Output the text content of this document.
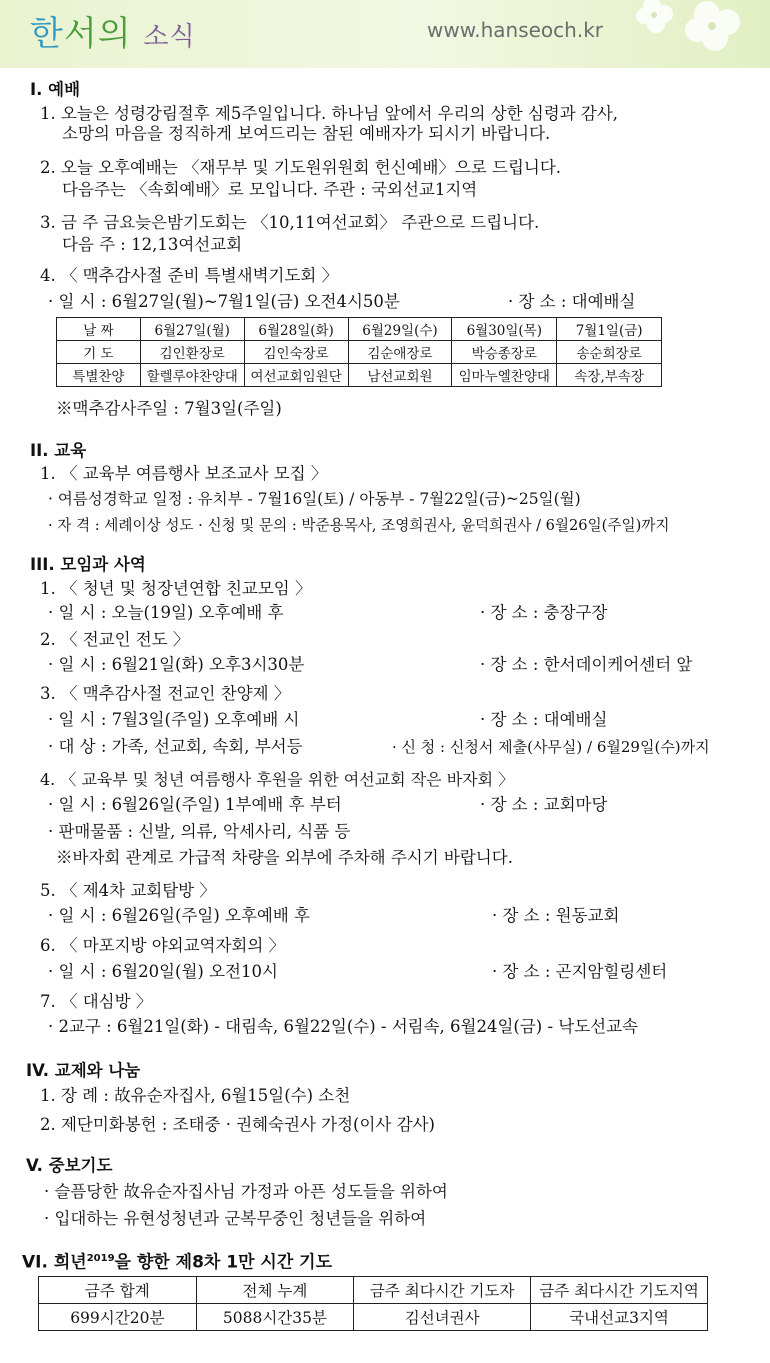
한서의 소식	www.hanseoch.kr
I. 예배
1. 오늘은 성령강림절후 제5주일입니다. 하나님 앞에서 우리의 상한 심령과 감사,
소망의 마음을 정직하게 보여드리는 참된 예배자가 되시기 바랍니다.
2. 오늘 오후예배는 〈재무부 및 기도원위원회 헌신예배〉으로 드립니다.
다음주는 〈속회예배〉로 모입니다. 주관 : 국외선교1지역
3. 금 주 금요늦은밤기도회는 〈10,11여선교회〉 주관으로 드립니다.
다음 주 : 12,13여선교회
4. 〈 맥추감사절 준비 특별새벽기도회 〉
· 일 시 : 6월27일(월)~7월1일(금) 오전4시50분	· 장 소 : 대예배실
날 짜	6월27일(월)	6월28일(화)	6월29일(수)	6월30일(목)	7월1일(금)
기 도	김인환장로	김인숙장로	김순애장로	박승종장로	송순희장로
특별찬양	할렐루야찬양대	여선교회임원단	남선교회원	임마누엘찬양대	속장,부속장
※맥추감사주일 : 7월3일(주일)
II. 교육
1. 〈 교육부 여름행사 보조교사 모집 〉
· 여름성경학교 일정 : 유치부 - 7월16일(토) / 아동부 - 7월22일(금)~25일(월)
· 자 격 : 세례이상 성도 · 신청 및 문의 : 박준용목사, 조영희권사, 윤덕희권사 / 6월26일(주일)까지
III. 모임과 사역
1. 〈 청년 및 청장년연합 친교모임 〉
· 일 시 : 오늘(19일) 오후예배 후	· 장 소 : 충장구장
2. 〈 전교인 전도 〉
· 일 시 : 6월21일(화) 오후3시30분	· 장 소 : 한서데이케어센터 앞
3. 〈 맥추감사절 전교인 찬양제 〉
· 일 시 : 7월3일(주일) 오후예배 시	· 장 소 : 대예배실
· 대 상 : 가족, 선교회, 속회, 부서등	· 신 청 : 신청서 제출(사무실) / 6월29일(수)까지
4. 〈 교육부 및 청년 여름행사 후원을 위한 여선교회 작은 바자회 〉
· 일 시 : 6월26일(주일) 1부예배 후 부터	· 장 소 : 교회마당
· 판매물품 : 신발, 의류, 악세사리, 식품 등
※바자회 관계로 가급적 차량을 외부에 주차해 주시기 바랍니다.
5. 〈 제4차 교회탐방 〉
· 일 시 : 6월26일(주일) 오후예배 후	· 장 소 : 원동교회
6. 〈 마포지방 야외교역자회의 〉
· 일 시 : 6월20일(월) 오전10시	· 장 소 : 곤지암힐링센터
7. 〈 대심방 〉
· 2교구 : 6월21일(화) - 대림속, 6월22일(수) - 서림속, 6월24일(금) - 낙도선교속
IV. 교제와 나눔
1. 장 례 : 故유순자집사, 6월15일(수) 소천
2. 제단미화봉헌 : 조태중 · 권혜숙권사 가정(이사 감사)
V. 중보기도
· 슬픔당한 故유순자집사님 가정과 아픈 성도들을 위하여
· 입대하는 유현성청년과 군복무중인 청년들을 위하여
VI. 희년$^{2019}$을 향한 제8차 1만 시간 기도
금주 합계	전체 누계	금주 최다시간 기도자	금주 최다시간 기도지역
699시간20분	5088시간35분	김선녀권사	국내선교3지역
